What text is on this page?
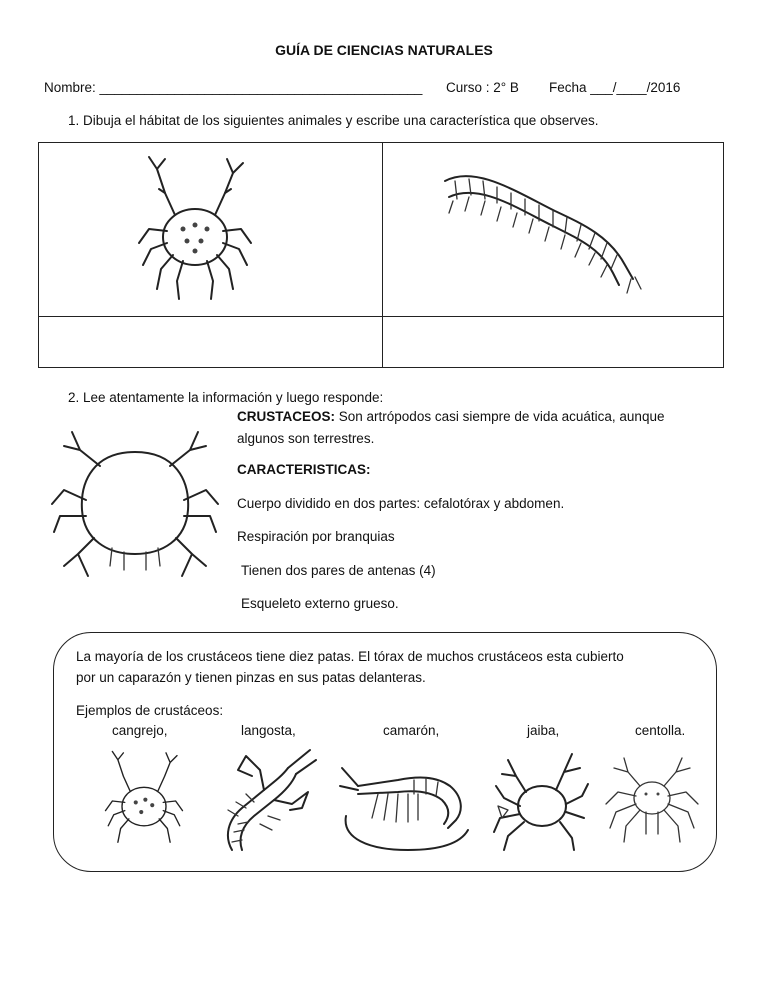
GUÍA DE CIENCIAS NATURALES
Nombre: ___________________________________________ Curso : 2° B Fecha ___/____/2016
1. Dibuja el hábitat de los siguientes animales y escribe una característica que observes.
2. Lee atentamente la información y luego responde:
CRUSTACEOS: Son artrópodos casi siempre de vida acuática, aunque
algunos son terrestres.
CARACTERISTICAS:
Cuerpo dividido en dos partes: cefalotórax y abdomen.
Respiración por branquias
Tienen dos pares de antenas (4)
Esqueleto externo grueso.
La mayoría de los crustáceos tiene diez patas. El tórax de muchos crustáceos esta cubierto
por un caparazón y tienen pinzas en sus patas delanteras.
Ejemplos de crustáceos:
cangrejo,	langosta,	camarón,	jaiba,	centolla.
